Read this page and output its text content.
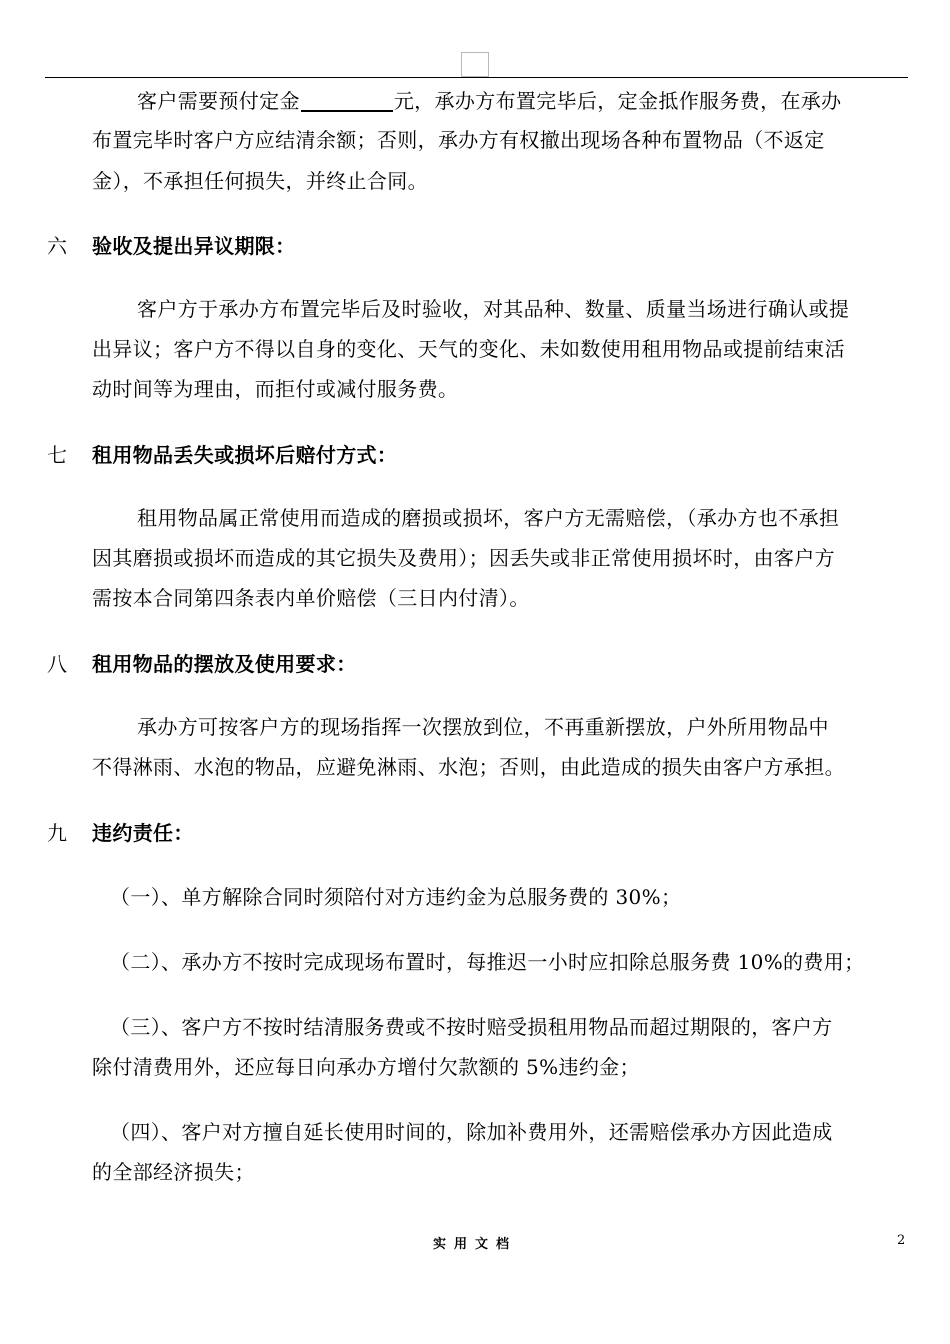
客户需要预付定金	元，承办方布置完毕后，定金抵作服务费，在承办
布置完毕时客户方应结清余额；否则，承办方有权撤出现场各种布置物品（不返定
金），不承担任何损失，并终止合同。
六 验收及提出异议期限：
客户方于承办方布置完毕后及时验收，对其品种、数量、质量当场进行确认或提
出异议；客户方不得以自身的变化、天气的变化、未如数使用租用物品或提前结束活
动时间等为理由，而拒付或减付服务费。
七 租用物品丢失或损坏后赔付方式：
租用物品属正常使用而造成的磨损或损坏，客户方无需赔偿，（承办方也不承担
因其磨损或损坏而造成的其它损失及费用）；因丢失或非正常使用损坏时，由客户方
需按本合同第四条表内单价赔偿（三日内付清）。
八 租用物品的摆放及使用要求：
承办方可按客户方的现场指挥一次摆放到位，不再重新摆放，户外所用物品中
不得淋雨、水泡的物品，应避免淋雨、水泡；否则，由此造成的损失由客户方承担。
九 违约责任：
（一）、单方解除合同时须陪付对方违约金为总服务费的 30%；
（二）、承办方不按时完成现场布置时，每推迟一小时应扣除总服务费 10%的费用；
（三）、客户方不按时结清服务费或不按时赔受损租用物品而超过期限的，客户方
除付清费用外，还应每日向承办方增付欠款额的 5%违约金；
（四）、客户对方擅自延长使用时间的，除加补费用外，还需赔偿承办方因此造成
的全部经济损失；
实用文档	2
